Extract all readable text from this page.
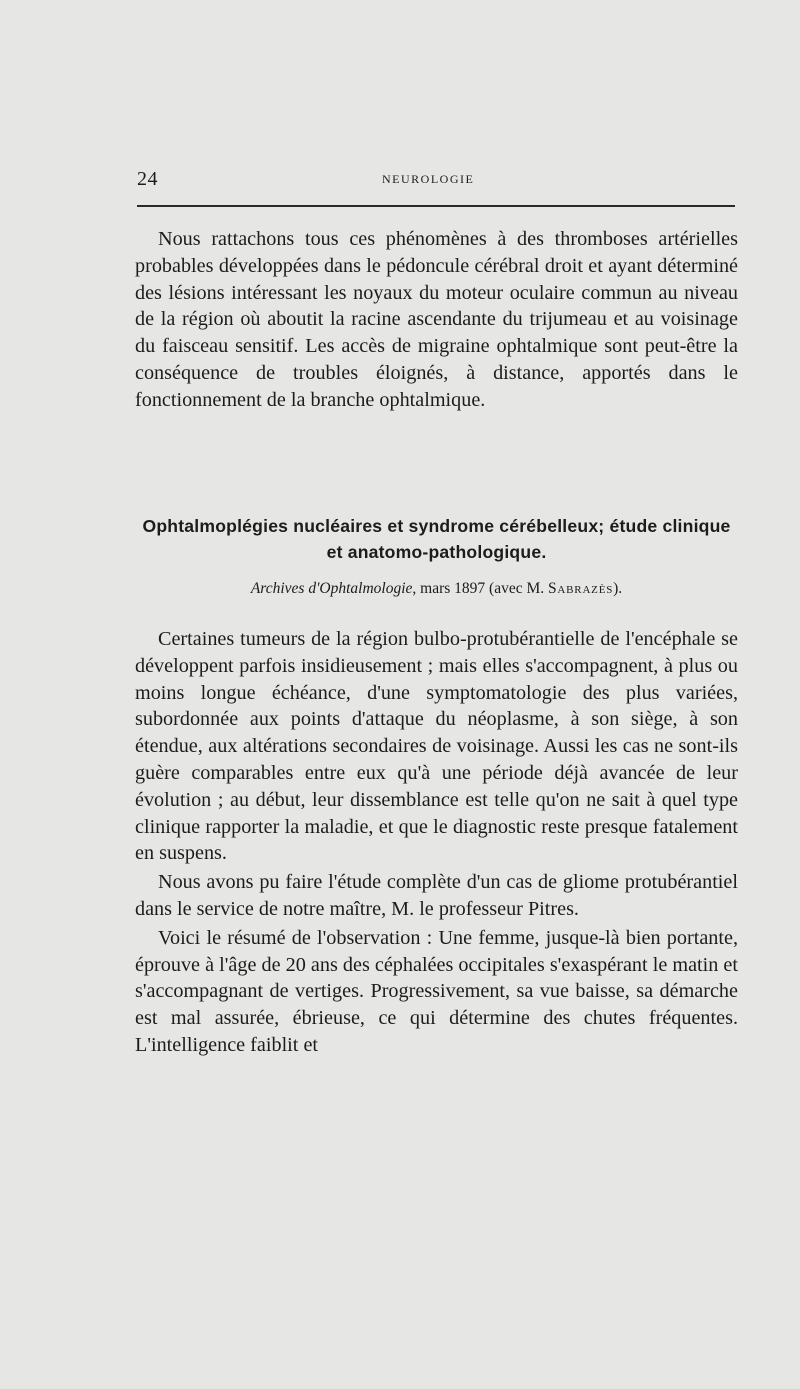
24	NEUROLOGIE

Nous rattachons tous ces phénomènes à des thromboses artérielles probables développées dans le pédoncule cérébral droit et ayant déterminé des lésions intéressant les noyaux du moteur oculaire commun au niveau de la région où aboutit la racine ascendante du trijumeau et au voisinage du faisceau sensitif. Les accès de migraine ophtalmique sont peut-être la conséquence de troubles éloignés, à distance, apportés dans le fonctionnement de la branche ophtalmique.

Ophtalmoplégies nucléaires et syndrome cérébelleux; étude clinique et anatomo-pathologique.
Archives d'Ophtalmologie, mars 1897 (avec M. Sabrazès).

Certaines tumeurs de la région bulbo-protubérantielle de l'encéphale se développent parfois insidieusement ; mais elles s'accompagnent, à plus ou moins longue échéance, d'une symptomatologie des plus variées, subordonnée aux points d'attaque du néoplasme, à son siège, à son étendue, aux altérations secondaires de voisinage. Aussi les cas ne sont-ils guère comparables entre eux qu'à une période déjà avancée de leur évolution ; au début, leur dissemblance est telle qu'on ne sait à quel type clinique rapporter la maladie, et que le diagnostic reste presque fatalement en suspens.

Nous avons pu faire l'étude complète d'un cas de gliome protubérantiel dans le service de notre maître, M. le professeur Pitres.

Voici le résumé de l'observation : Une femme, jusque-là bien portante, éprouve à l'âge de 20 ans des céphalées occipitales s'exaspérant le matin et s'accompagnant de vertiges. Progressivement, sa vue baisse, sa démarche est mal assurée, ébrieuse, ce qui détermine des chutes fréquentes. L'intelligence faiblit et
